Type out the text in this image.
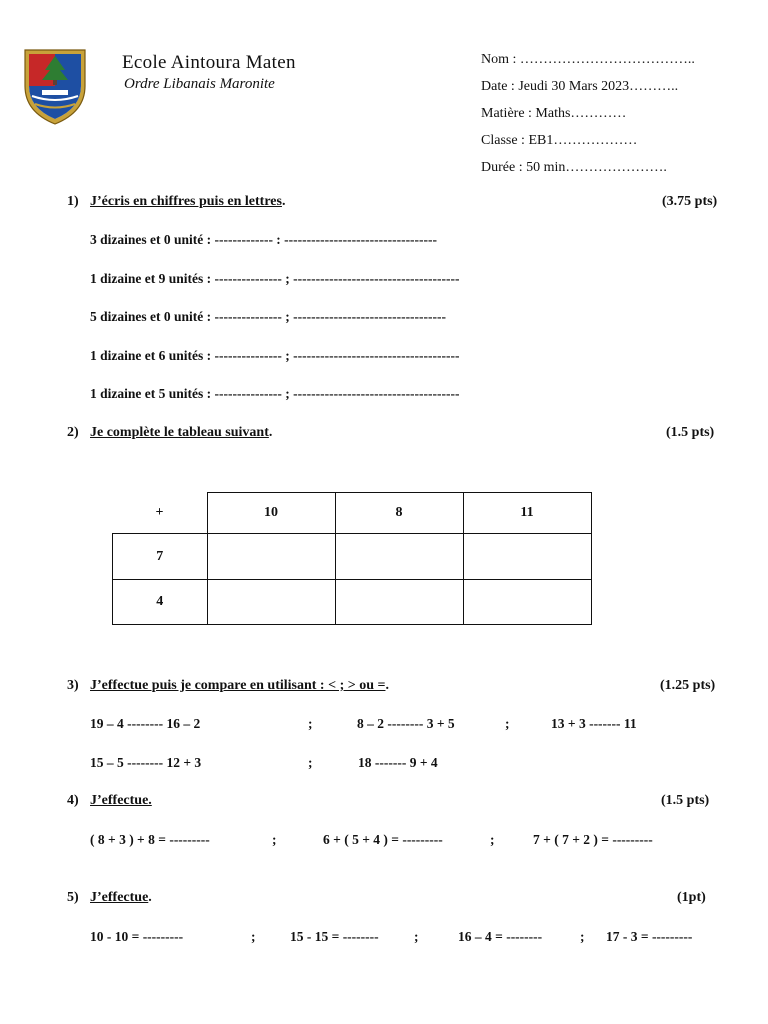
Ecole Aintoura Maten
Ordre Libanais Maronite
Nom : ………………………………..
Date : Jeudi 30 Mars 2023………..
Matière : Maths…………
Classe : EB1………………
Durée : 50 min………………….
1) J’écris en chiffres puis en lettres.	(3.75 pts)
3 dizaines et 0 unité : ------------- : ----------------------------------
1 dizaine et 9 unités : --------------- ; -------------------------------------
5 dizaines et 0 unité : --------------- ; ----------------------------------
1 dizaine et 6 unités : --------------- ; -------------------------------------
1 dizaine et 5 unités : --------------- ; -------------------------------------
2) Je complète le tableau suivant.	(1.5 pts)
+	10	8	11
7			
4			
3) J’effectue puis je compare en utilisant : < ; > ou =.	(1.25 pts)
19 – 4 -------- 16 – 2	;	8 – 2 -------- 3 + 5	;	13 + 3 ------- 11
15 – 5 -------- 12 + 3	;	18 ------- 9 + 4
4) J’effectue.	(1.5 pts)
( 8 + 3 ) + 8 = ---------	;	6 + ( 5 + 4 ) = ---------	;	7 + ( 7 + 2 ) = ---------
5) J’effectue.	(1pt)
10 - 10 = ---------	;	15 - 15 = --------	;	16 – 4 = --------	; 17 - 3 = ---------
